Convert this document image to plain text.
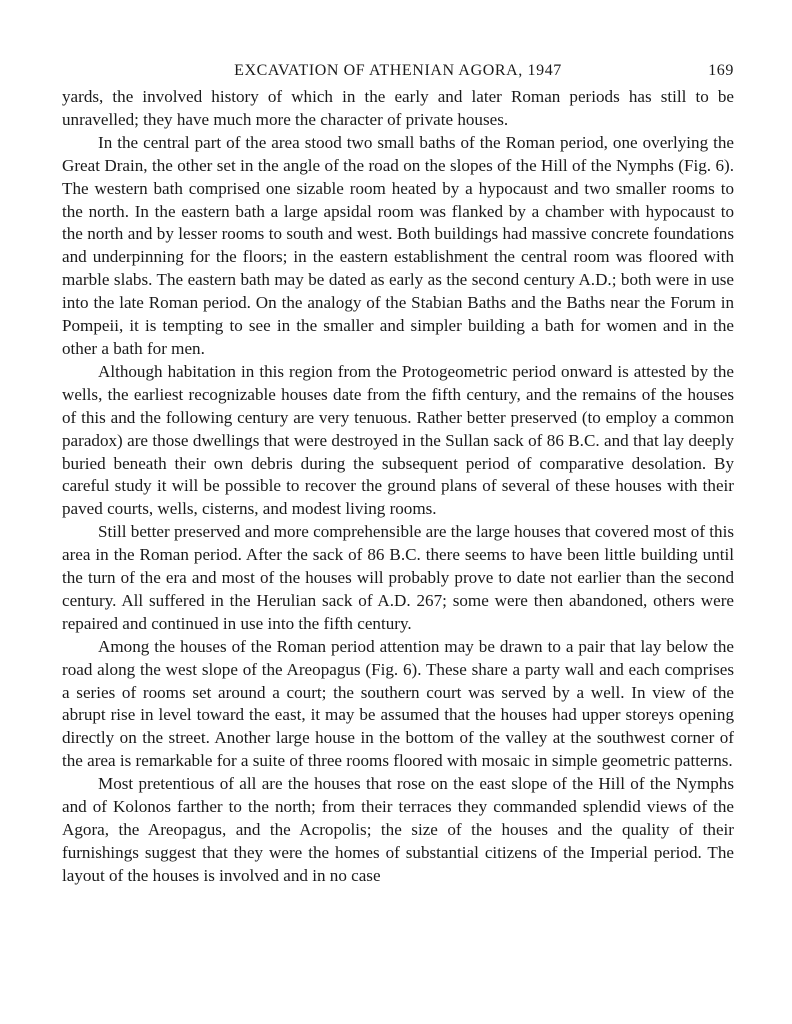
EXCAVATION OF ATHENIAN AGORA, 1947	169

yards, the involved history of which in the early and later Roman periods has still to be unravelled; they have much more the character of private houses.

In the central part of the area stood two small baths of the Roman period, one overlying the Great Drain, the other set in the angle of the road on the slopes of the Hill of the Nymphs (Fig. 6). The western bath comprised one sizable room heated by a hypocaust and two smaller rooms to the north. In the eastern bath a large apsidal room was flanked by a chamber with hypocaust to the north and by lesser rooms to south and west. Both buildings had massive concrete foundations and underpinning for the floors; in the eastern establishment the central room was floored with marble slabs. The eastern bath may be dated as early as the second century A.D.; both were in use into the late Roman period. On the analogy of the Stabian Baths and the Baths near the Forum in Pompeii, it is tempting to see in the smaller and simpler building a bath for women and in the other a bath for men.

Although habitation in this region from the Protogeometric period onward is attested by the wells, the earliest recognizable houses date from the fifth century, and the remains of the houses of this and the following century are very tenuous. Rather better preserved (to employ a common paradox) are those dwellings that were destroyed in the Sullan sack of 86 B.C. and that lay deeply buried beneath their own debris during the subsequent period of comparative desolation. By careful study it will be possible to recover the ground plans of several of these houses with their paved courts, wells, cisterns, and modest living rooms.

Still better preserved and more comprehensible are the large houses that covered most of this area in the Roman period. After the sack of 86 B.C. there seems to have been little building until the turn of the era and most of the houses will probably prove to date not earlier than the second century. All suffered in the Herulian sack of A.D. 267; some were then abandoned, others were repaired and continued in use into the fifth century.

Among the houses of the Roman period attention may be drawn to a pair that lay below the road along the west slope of the Areopagus (Fig. 6). These share a party wall and each comprises a series of rooms set around a court; the southern court was served by a well. In view of the abrupt rise in level toward the east, it may be assumed that the houses had upper storeys opening directly on the street. Another large house in the bottom of the valley at the southwest corner of the area is remarkable for a suite of three rooms floored with mosaic in simple geometric patterns.

Most pretentious of all are the houses that rose on the east slope of the Hill of the Nymphs and of Kolonos farther to the north; from their terraces they commanded splendid views of the Agora, the Areopagus, and the Acropolis; the size of the houses and the quality of their furnishings suggest that they were the homes of substantial citizens of the Imperial period. The layout of the houses is involved and in no case
